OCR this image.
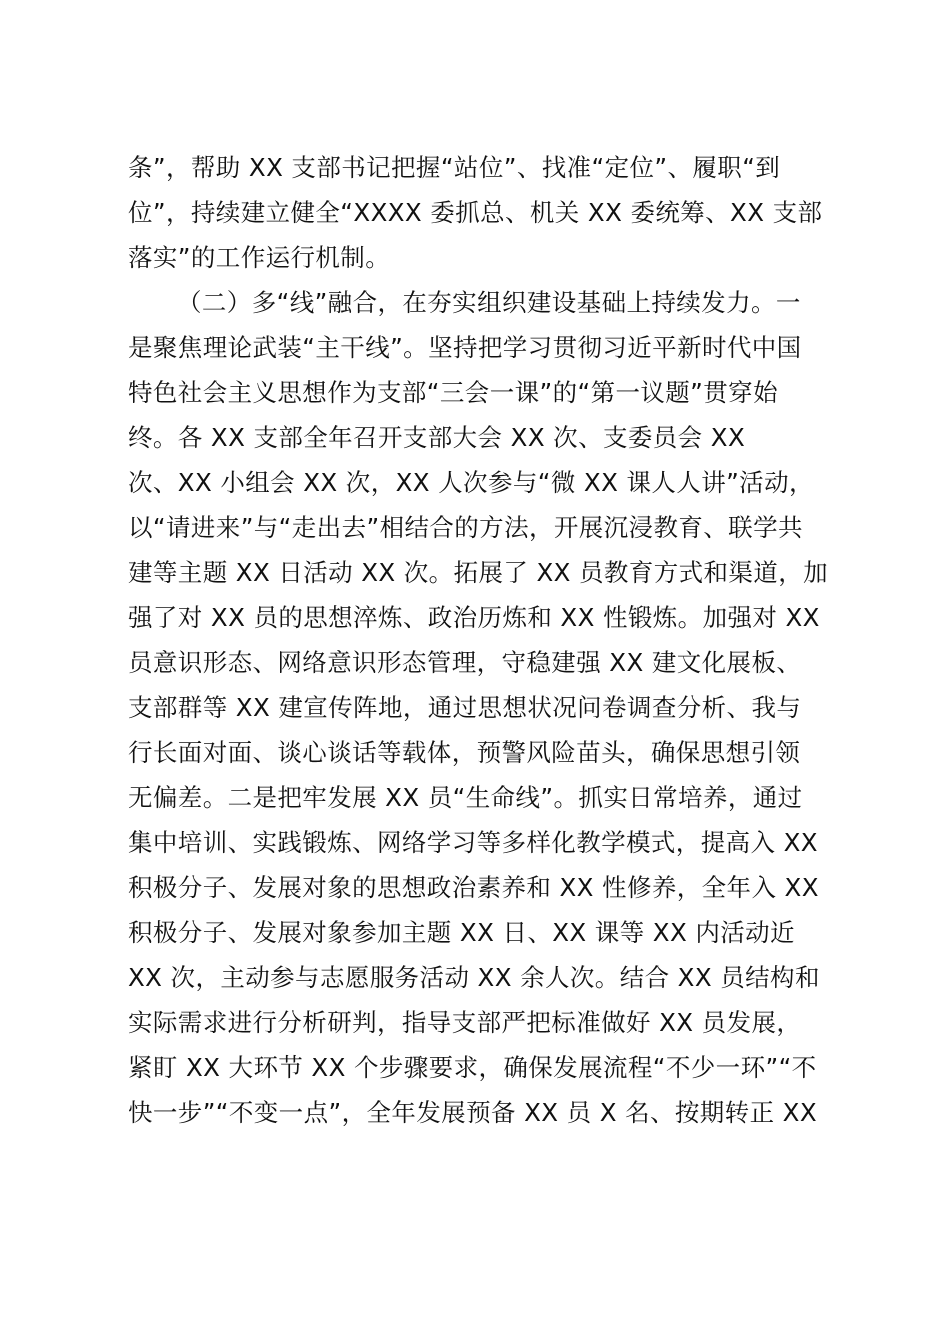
条”，帮助 XX 支部书记把握“站位”、找准“定位”、履职“到
位”，持续建立健全“XXXX 委抓总、机关 XX 委统筹、XX 支部
落实”的工作运行机制。
（二）多“线”融合，在夯实组织建设基础上持续发力。一
是聚焦理论武装“主干线”。坚持把学习贯彻习近平新时代中国
特色社会主义思想作为支部“三会一课”的“第一议题”贯穿始
终。各 XX 支部全年召开支部大会 XX 次、支委员会 XX
次、XX 小组会 XX 次，XX 人次参与“微 XX 课人人讲”活动，
以“请进来”与“走出去”相结合的方法，开展沉浸教育、联学共
建等主题 XX 日活动 XX 次。拓展了 XX 员教育方式和渠道，加
强了对 XX 员的思想淬炼、政治历炼和 XX 性锻炼。加强对 XX
员意识形态、网络意识形态管理，守稳建强 XX 建文化展板、
支部群等 XX 建宣传阵地，通过思想状况问卷调查分析、我与
行长面对面、谈心谈话等载体，预警风险苗头，确保思想引领
无偏差。二是把牢发展 XX 员“生命线”。抓实日常培养，通过
集中培训、实践锻炼、网络学习等多样化教学模式，提高入 XX
积极分子、发展对象的思想政治素养和 XX 性修养，全年入 XX
积极分子、发展对象参加主题 XX 日、XX 课等 XX 内活动近
XX 次，主动参与志愿服务活动 XX 余人次。结合 XX 员结构和
实际需求进行分析研判，指导支部严把标准做好 XX 员发展，
紧盯 XX 大环节 XX 个步骤要求，确保发展流程“不少一环”“不
快一步”“不变一点”，全年发展预备 XX 员 X 名、按期转正 XX
